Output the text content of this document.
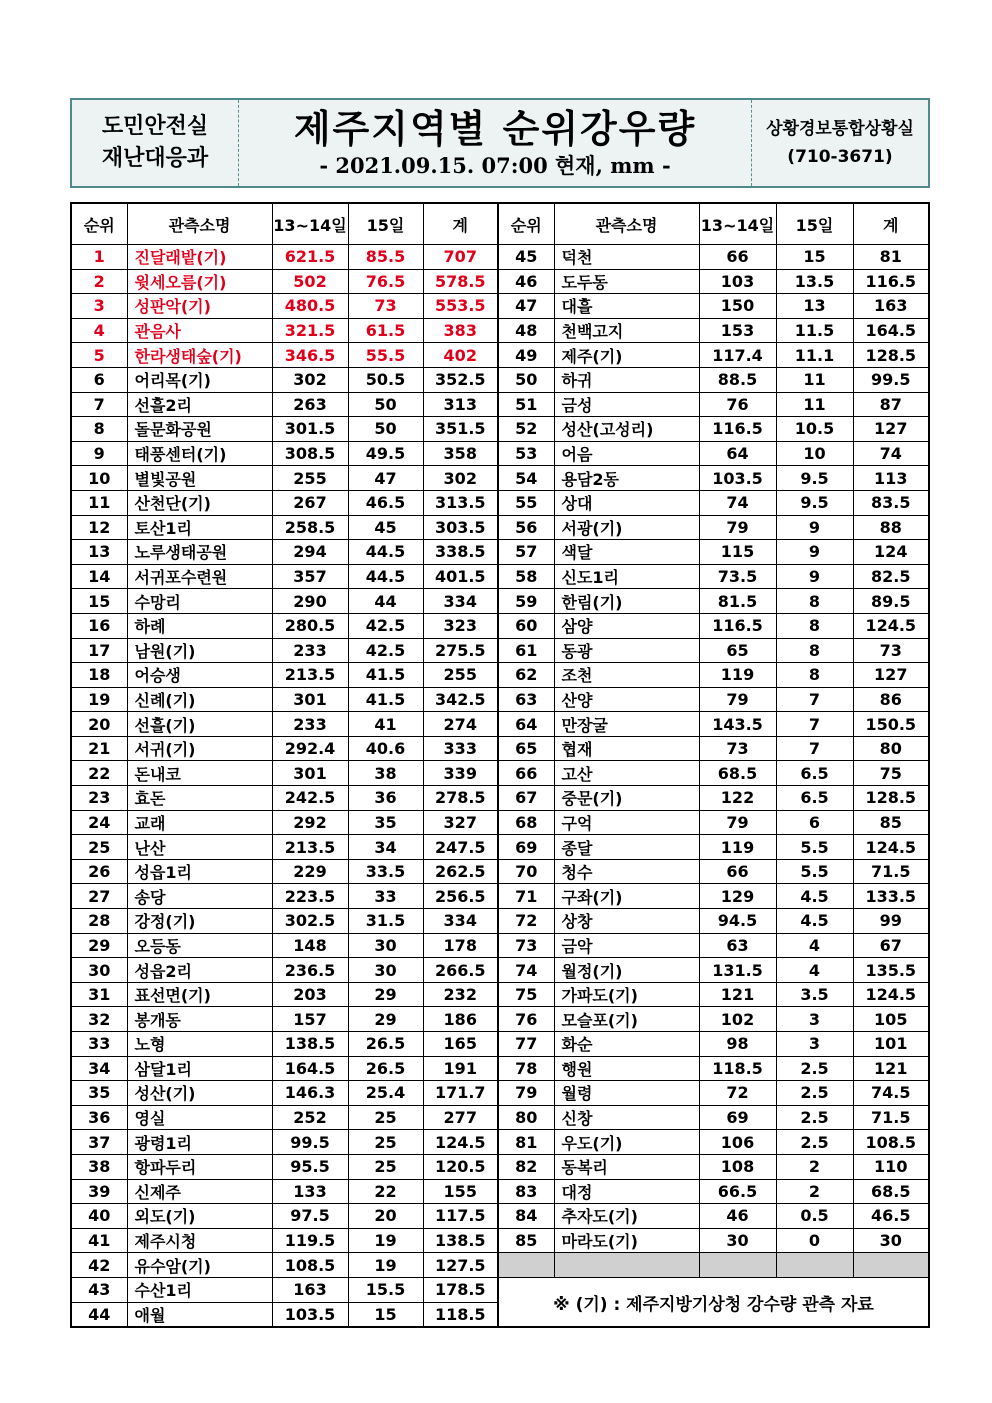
도민안전실
재난대응과
제주지역별 순위강우량
- 2021.09.15. 07:00 현재, mm -
상황경보통합상황실
(710-3671)
순위	관측소명	13~14일	15일	계	순위	관측소명	13~14일	15일	계
1	진달래밭(기)	621.5	85.5	707	45	덕천	66	15	81
2	윗세오름(기)	502	76.5	578.5	46	도두동	103	13.5	116.5
3	성판악(기)	480.5	73	553.5	47	대흘	150	13	163
4	관음사	321.5	61.5	383	48	천백고지	153	11.5	164.5
5	한라생태숲(기)	346.5	55.5	402	49	제주(기)	117.4	11.1	128.5
6	어리목(기)	302	50.5	352.5	50	하귀	88.5	11	99.5
7	선흘2리	263	50	313	51	금성	76	11	87
8	돌문화공원	301.5	50	351.5	52	성산(고성리)	116.5	10.5	127
9	태풍센터(기)	308.5	49.5	358	53	어음	64	10	74
10	별빛공원	255	47	302	54	용담2동	103.5	9.5	113
11	산천단(기)	267	46.5	313.5	55	상대	74	9.5	83.5
12	토산1리	258.5	45	303.5	56	서광(기)	79	9	88
13	노루생태공원	294	44.5	338.5	57	색달	115	9	124
14	서귀포수련원	357	44.5	401.5	58	신도1리	73.5	9	82.5
15	수망리	290	44	334	59	한림(기)	81.5	8	89.5
16	하례	280.5	42.5	323	60	삼양	116.5	8	124.5
17	남원(기)	233	42.5	275.5	61	동광	65	8	73
18	어승생	213.5	41.5	255	62	조천	119	8	127
19	신례(기)	301	41.5	342.5	63	산양	79	7	86
20	선흘(기)	233	41	274	64	만장굴	143.5	7	150.5
21	서귀(기)	292.4	40.6	333	65	협재	73	7	80
22	돈내코	301	38	339	66	고산	68.5	6.5	75
23	효돈	242.5	36	278.5	67	중문(기)	122	6.5	128.5
24	교래	292	35	327	68	구억	79	6	85
25	난산	213.5	34	247.5	69	종달	119	5.5	124.5
26	성읍1리	229	33.5	262.5	70	청수	66	5.5	71.5
27	송당	223.5	33	256.5	71	구좌(기)	129	4.5	133.5
28	강정(기)	302.5	31.5	334	72	상창	94.5	4.5	99
29	오등동	148	30	178	73	금악	63	4	67
30	성읍2리	236.5	30	266.5	74	월정(기)	131.5	4	135.5
31	표선면(기)	203	29	232	75	가파도(기)	121	3.5	124.5
32	봉개동	157	29	186	76	모슬포(기)	102	3	105
33	노형	138.5	26.5	165	77	화순	98	3	101
34	삼달1리	164.5	26.5	191	78	행원	118.5	2.5	121
35	성산(기)	146.3	25.4	171.7	79	월령	72	2.5	74.5
36	영실	252	25	277	80	신창	69	2.5	71.5
37	광령1리	99.5	25	124.5	81	우도(기)	106	2.5	108.5
38	항파두리	95.5	25	120.5	82	동복리	108	2	110
39	신제주	133	22	155	83	대정	66.5	2	68.5
40	외도(기)	97.5	20	117.5	84	추자도(기)	46	0.5	46.5
41	제주시청	119.5	19	138.5	85	마라도(기)	30	0	30
42	유수암(기)	108.5	19	127.5					
43	수산1리	163	15.5	178.5	※ (기) : 제주지방기상청 강수량 관측 자료				
44	애월	103.5	15	118.5					
